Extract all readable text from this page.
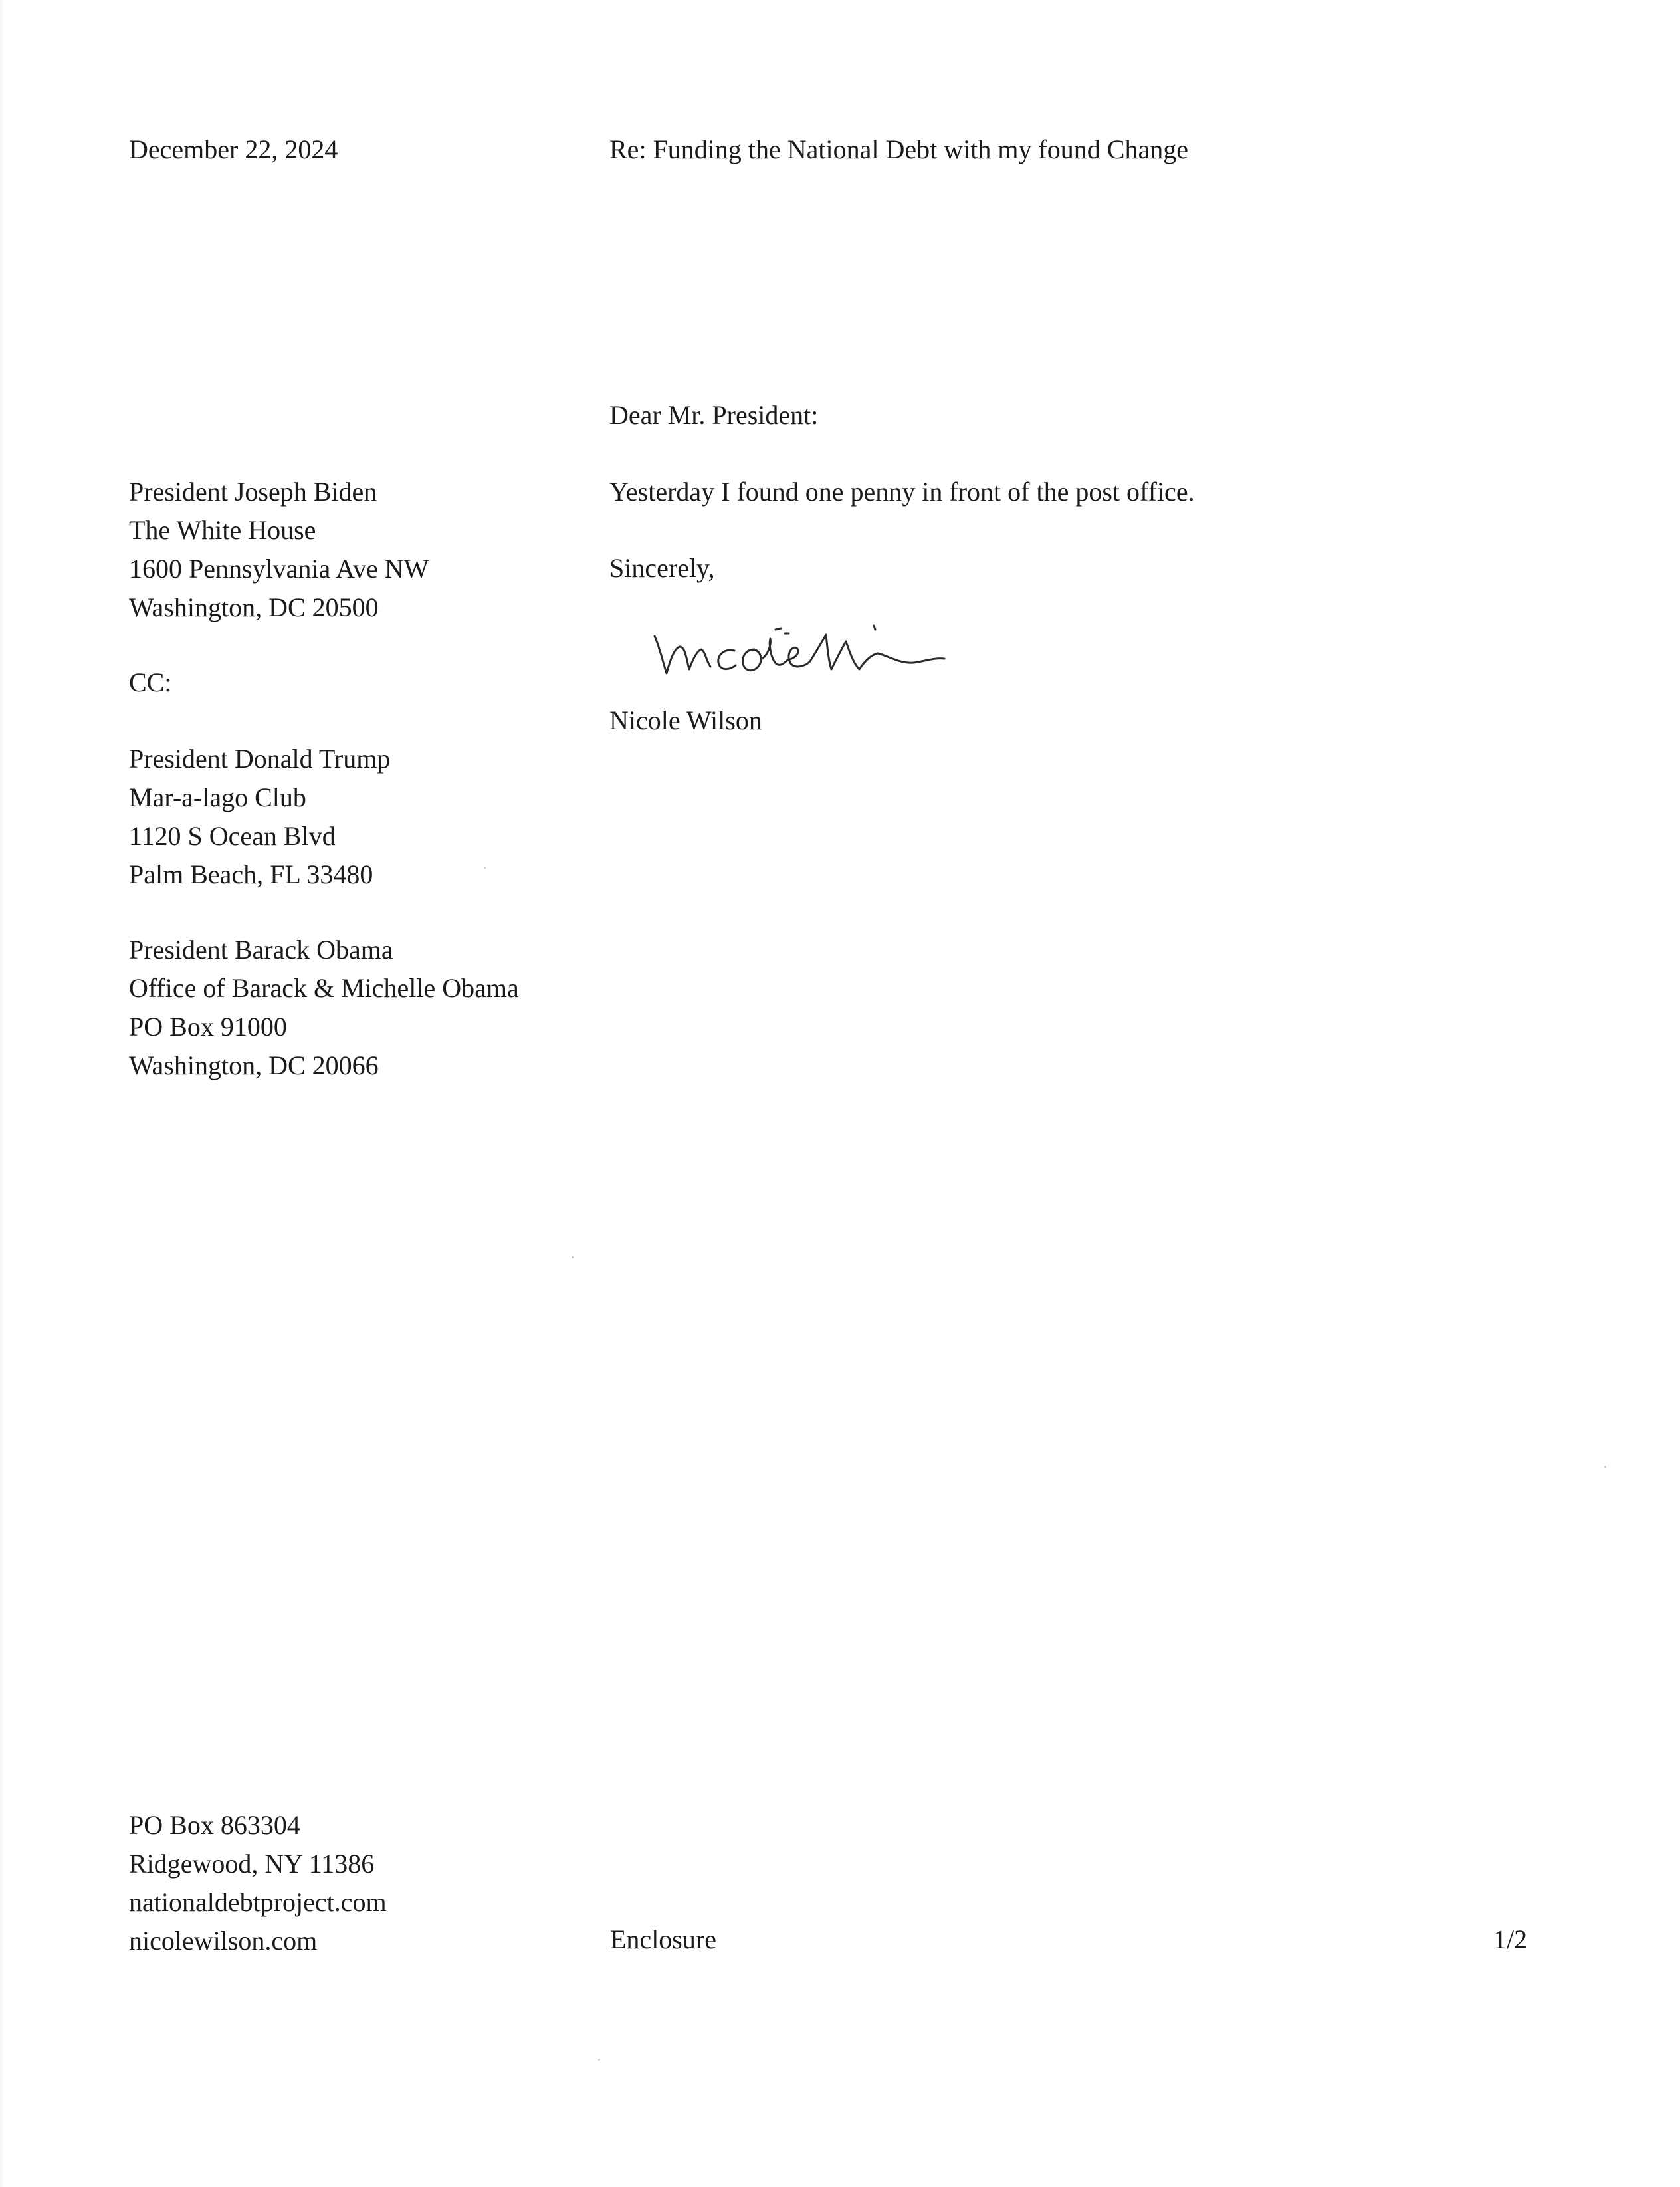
December 22, 2024	Re: Funding the National Debt with my found Change
Dear Mr. President:
Yesterday I found one penny in front of the post office.
Sincerely,
Nicole Wilson
President Joseph Biden
The White House
1600 Pennsylvania Ave NW
Washington, DC 20500
CC:
President Donald Trump
Mar-a-lago Club
1120 S Ocean Blvd
Palm Beach, FL 33480
President Barack Obama
Office of Barack & Michelle Obama
PO Box 91000
Washington, DC 20066
PO Box 863304
Ridgewood, NY 11386
nationaldebtproject.com
nicolewilson.com	Enclosure	1/2
